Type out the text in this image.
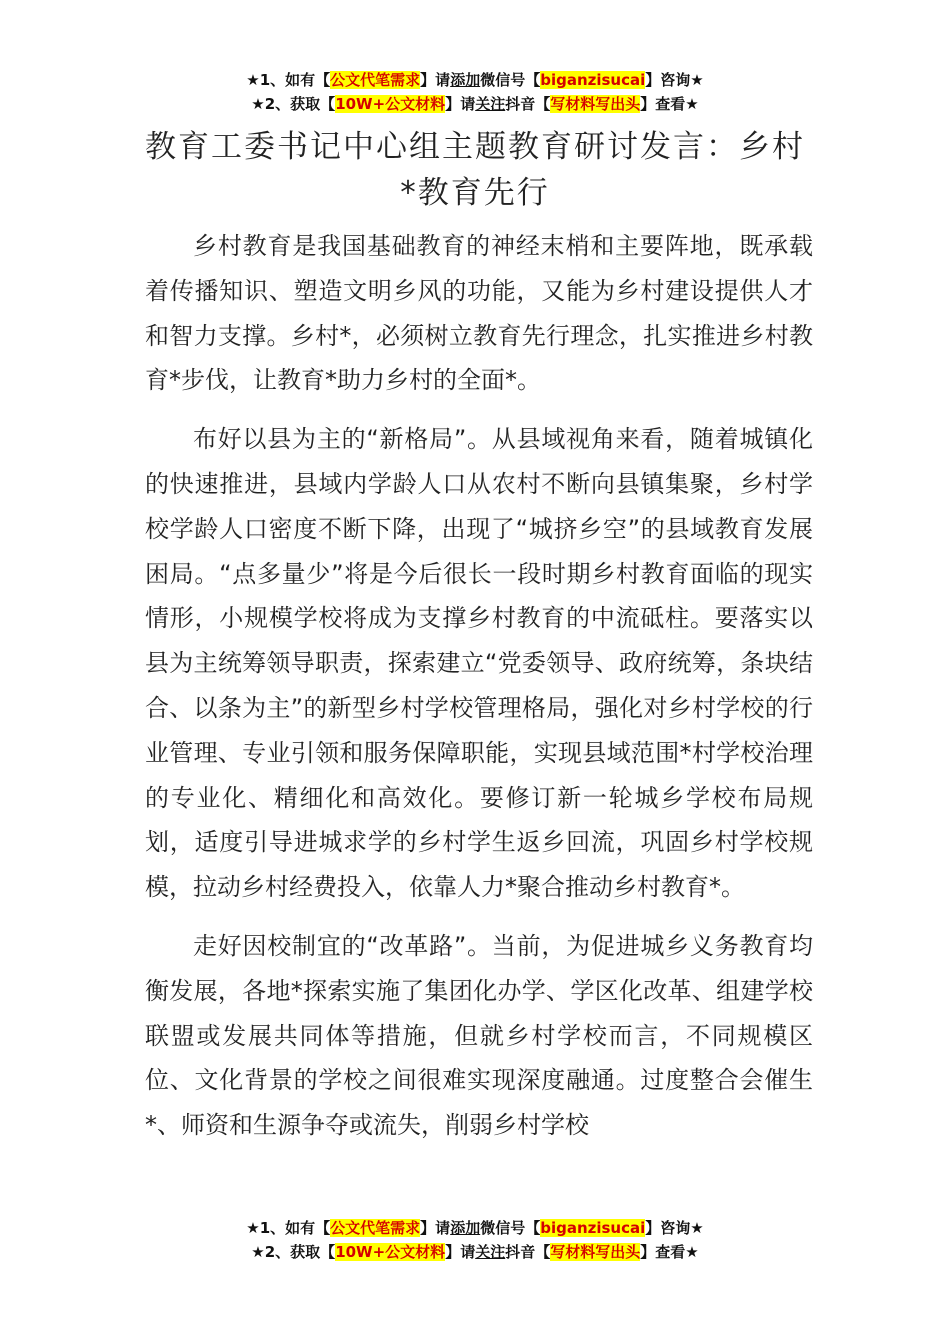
★1、如有【公文代笔需求】请添加微信号【biganzisucai】咨询★
★2、获取【10W+公文材料】请关注抖音【写材料写出头】查看★
教育工委书记中心组主题教育研讨发言：乡村*教育先行

乡村教育是我国基础教育的神经末梢和主要阵地，既承载着传播知识、塑造文明乡风的功能，又能为乡村建设提供人才和智力支撑。乡村*，必须树立教育先行理念，扎实推进乡村教育*步伐，让教育*助力乡村的全面*。

布好以县为主的“新格局”。从县域视角来看，随着城镇化的快速推进，县域内学龄人口从农村不断向县镇集聚，乡村学校学龄人口密度不断下降，出现了“城挤乡空”的县域教育发展困局。“点多量少”将是今后很长一段时期乡村教育面临的现实情形，小规模学校将成为支撑乡村教育的中流砥柱。要落实以县为主统筹领导职责，探索建立“党委领导、政府统筹，条块结合、以条为主”的新型乡村学校管理格局，强化对乡村学校的行业管理、专业引领和服务保障职能，实现县域范围*村学校治理的专业化、精细化和高效化。要修订新一轮城乡学校布局规划，适度引导进城求学的乡村学生返乡回流，巩固乡村学校规模，拉动乡村经费投入，依靠人力*聚合推动乡村教育*。

走好因校制宜的“改革路”。当前，为促进城乡义务教育均衡发展，各地*探索实施了集团化办学、学区化改革、组建学校联盟或发展共同体等措施，但就乡村学校而言，不同规模区位、文化背景的学校之间很难实现深度融通。过度整合会催生*、师资和生源争夺或流失，削弱乡村学校

★1、如有【公文代笔需求】请添加微信号【biganzisucai】咨询★
★2、获取【10W+公文材料】请关注抖音【写材料写出头】查看★
